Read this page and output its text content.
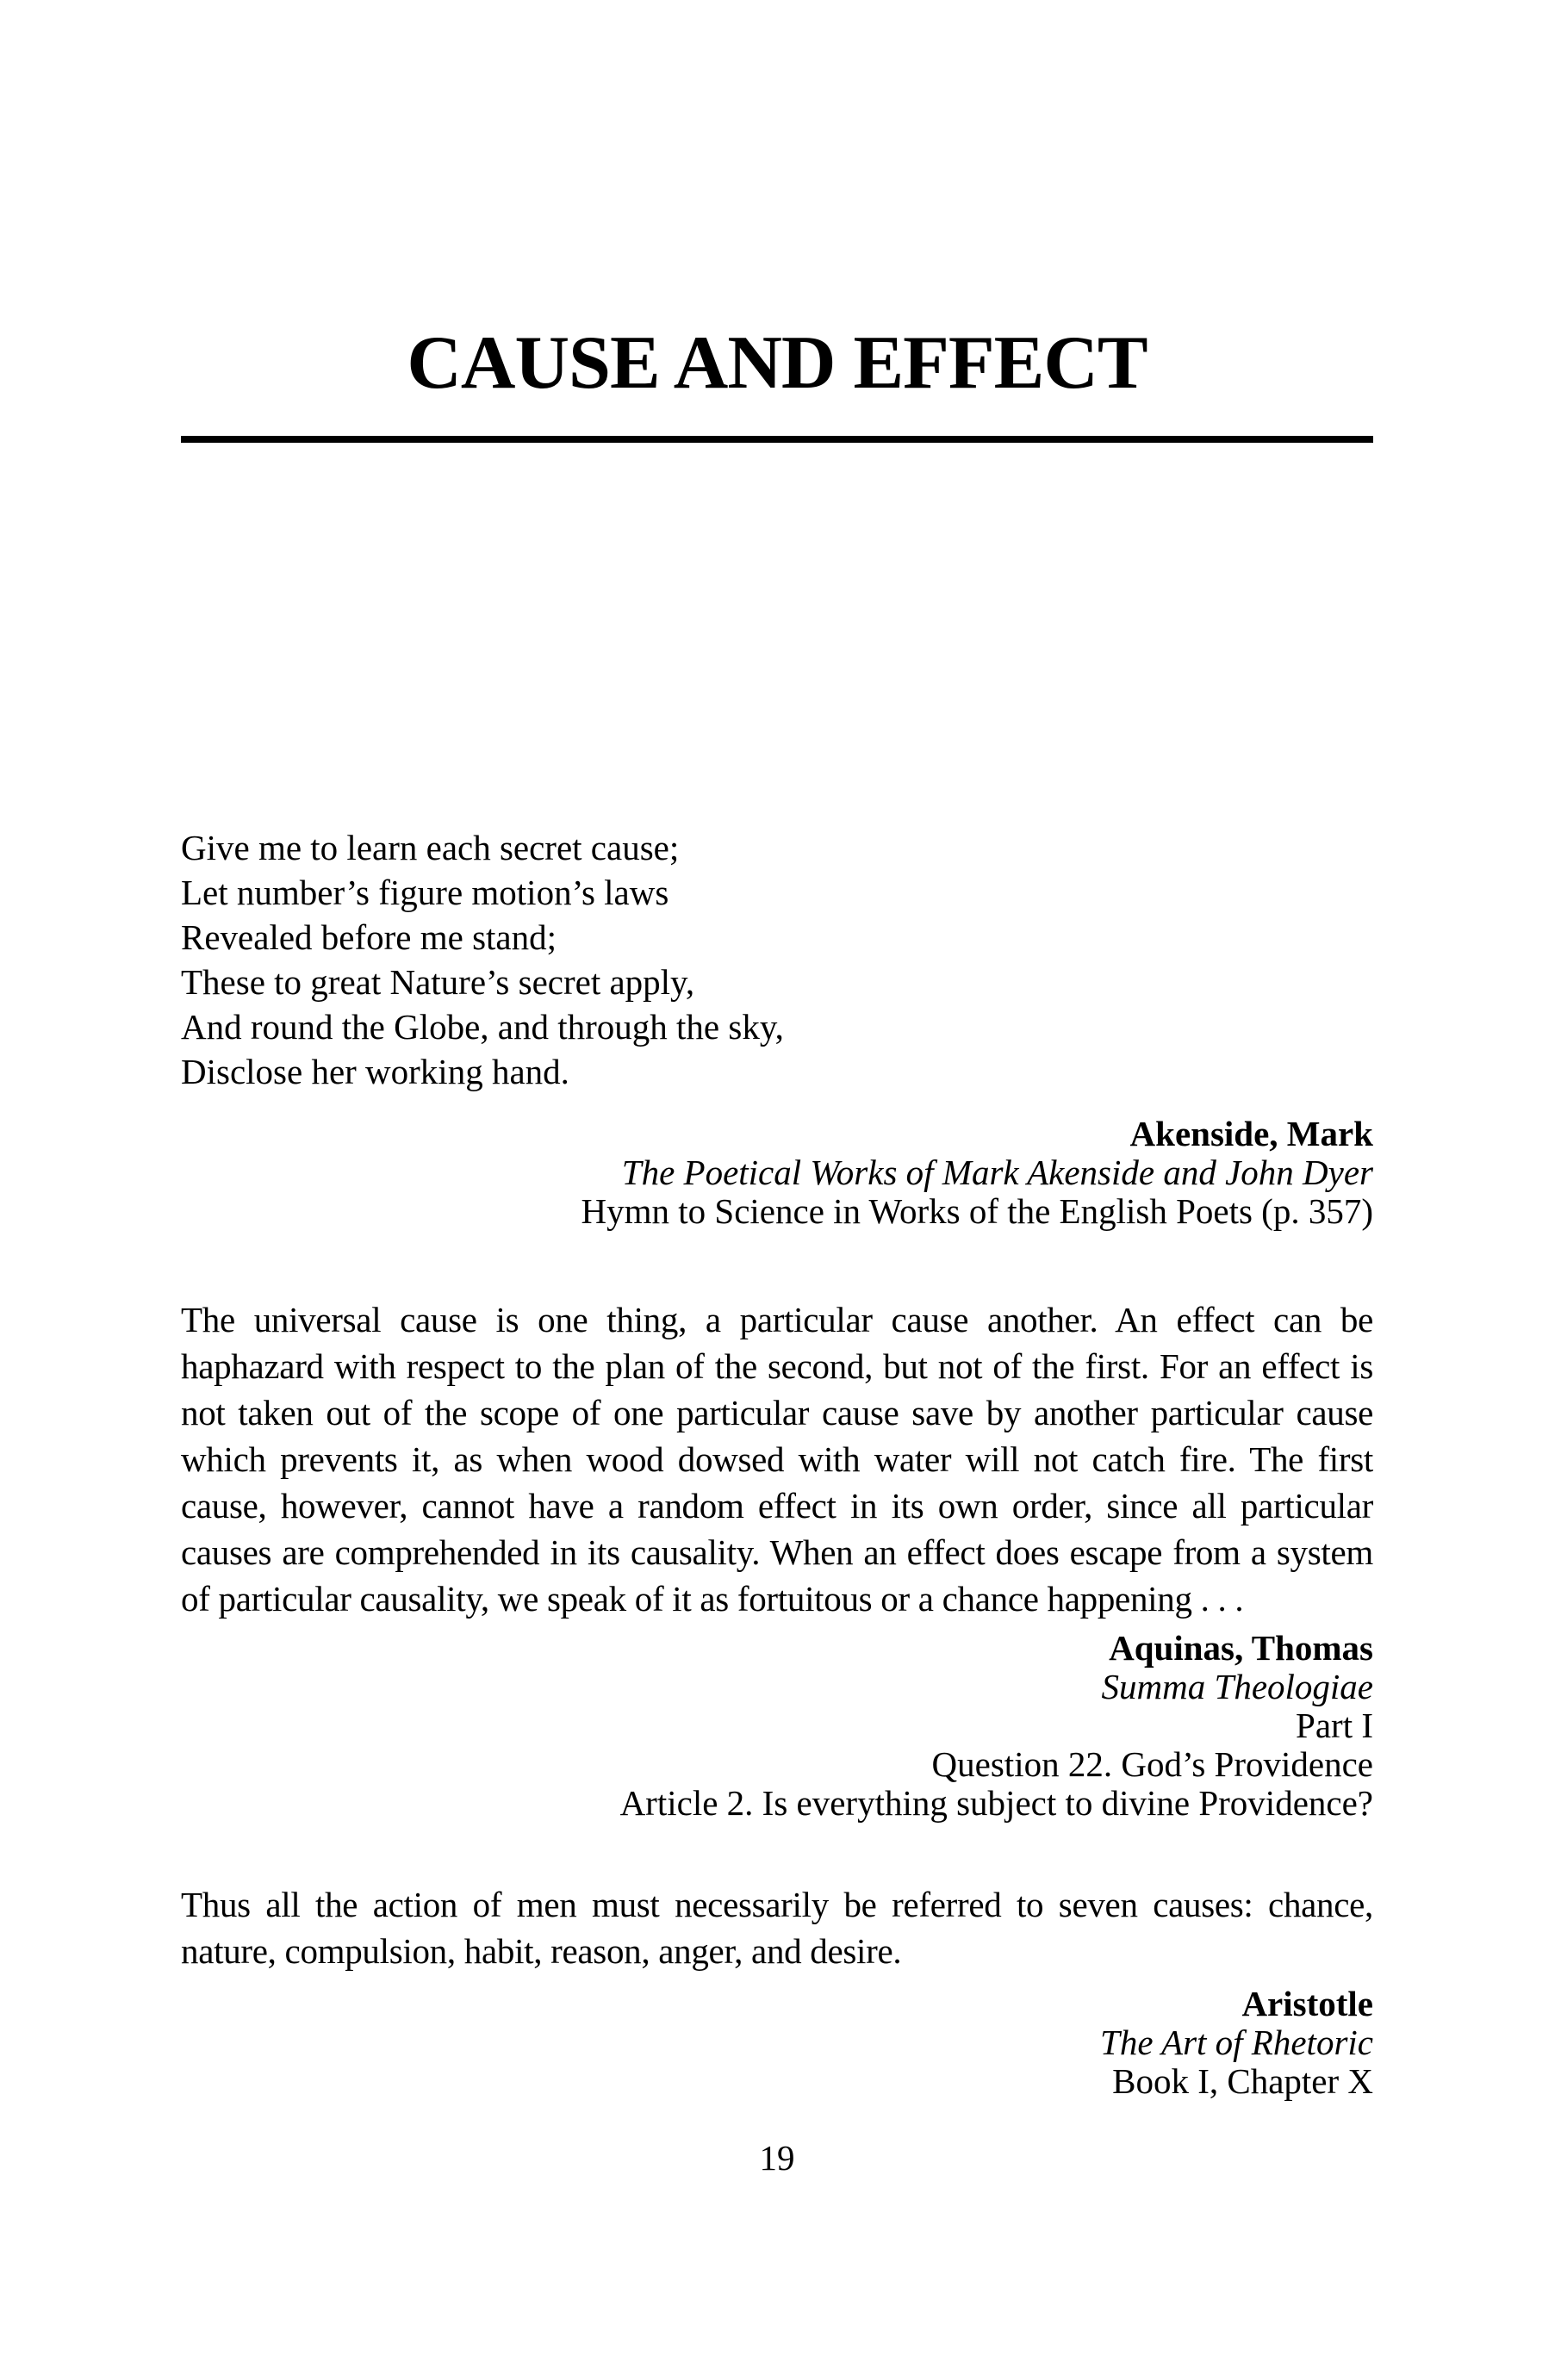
CAUSE AND EFFECT
Give me to learn each secret cause;
Let number’s figure motion’s laws
Revealed before me stand;
These to great Nature’s secret apply,
And round the Globe, and through the sky,
Disclose her working hand.
Akenside, Mark
The Poetical Works of Mark Akenside and John Dyer
Hymn to Science in Works of the English Poets (p. 357)

The universal cause is one thing, a particular cause another. An effect can be haphazard with respect to the plan of the second, but not of the first. For an effect is not taken out of the scope of one particular cause save by another particular cause which prevents it, as when wood dowsed with water will not catch fire. The first cause, however, cannot have a random effect in its own order, since all particular causes are comprehended in its causality. When an effect does escape from a system of particular causality, we speak of it as fortuitous or a chance happening . . .

Aquinas, Thomas
Summa Theologiae
Part I
Question 22. God’s Providence
Article 2. Is everything subject to divine Providence?

Thus all the action of men must necessarily be referred to seven causes: chance, nature, compulsion, habit, reason, anger, and desire.

Aristotle
The Art of Rhetoric
Book I, Chapter X
19
